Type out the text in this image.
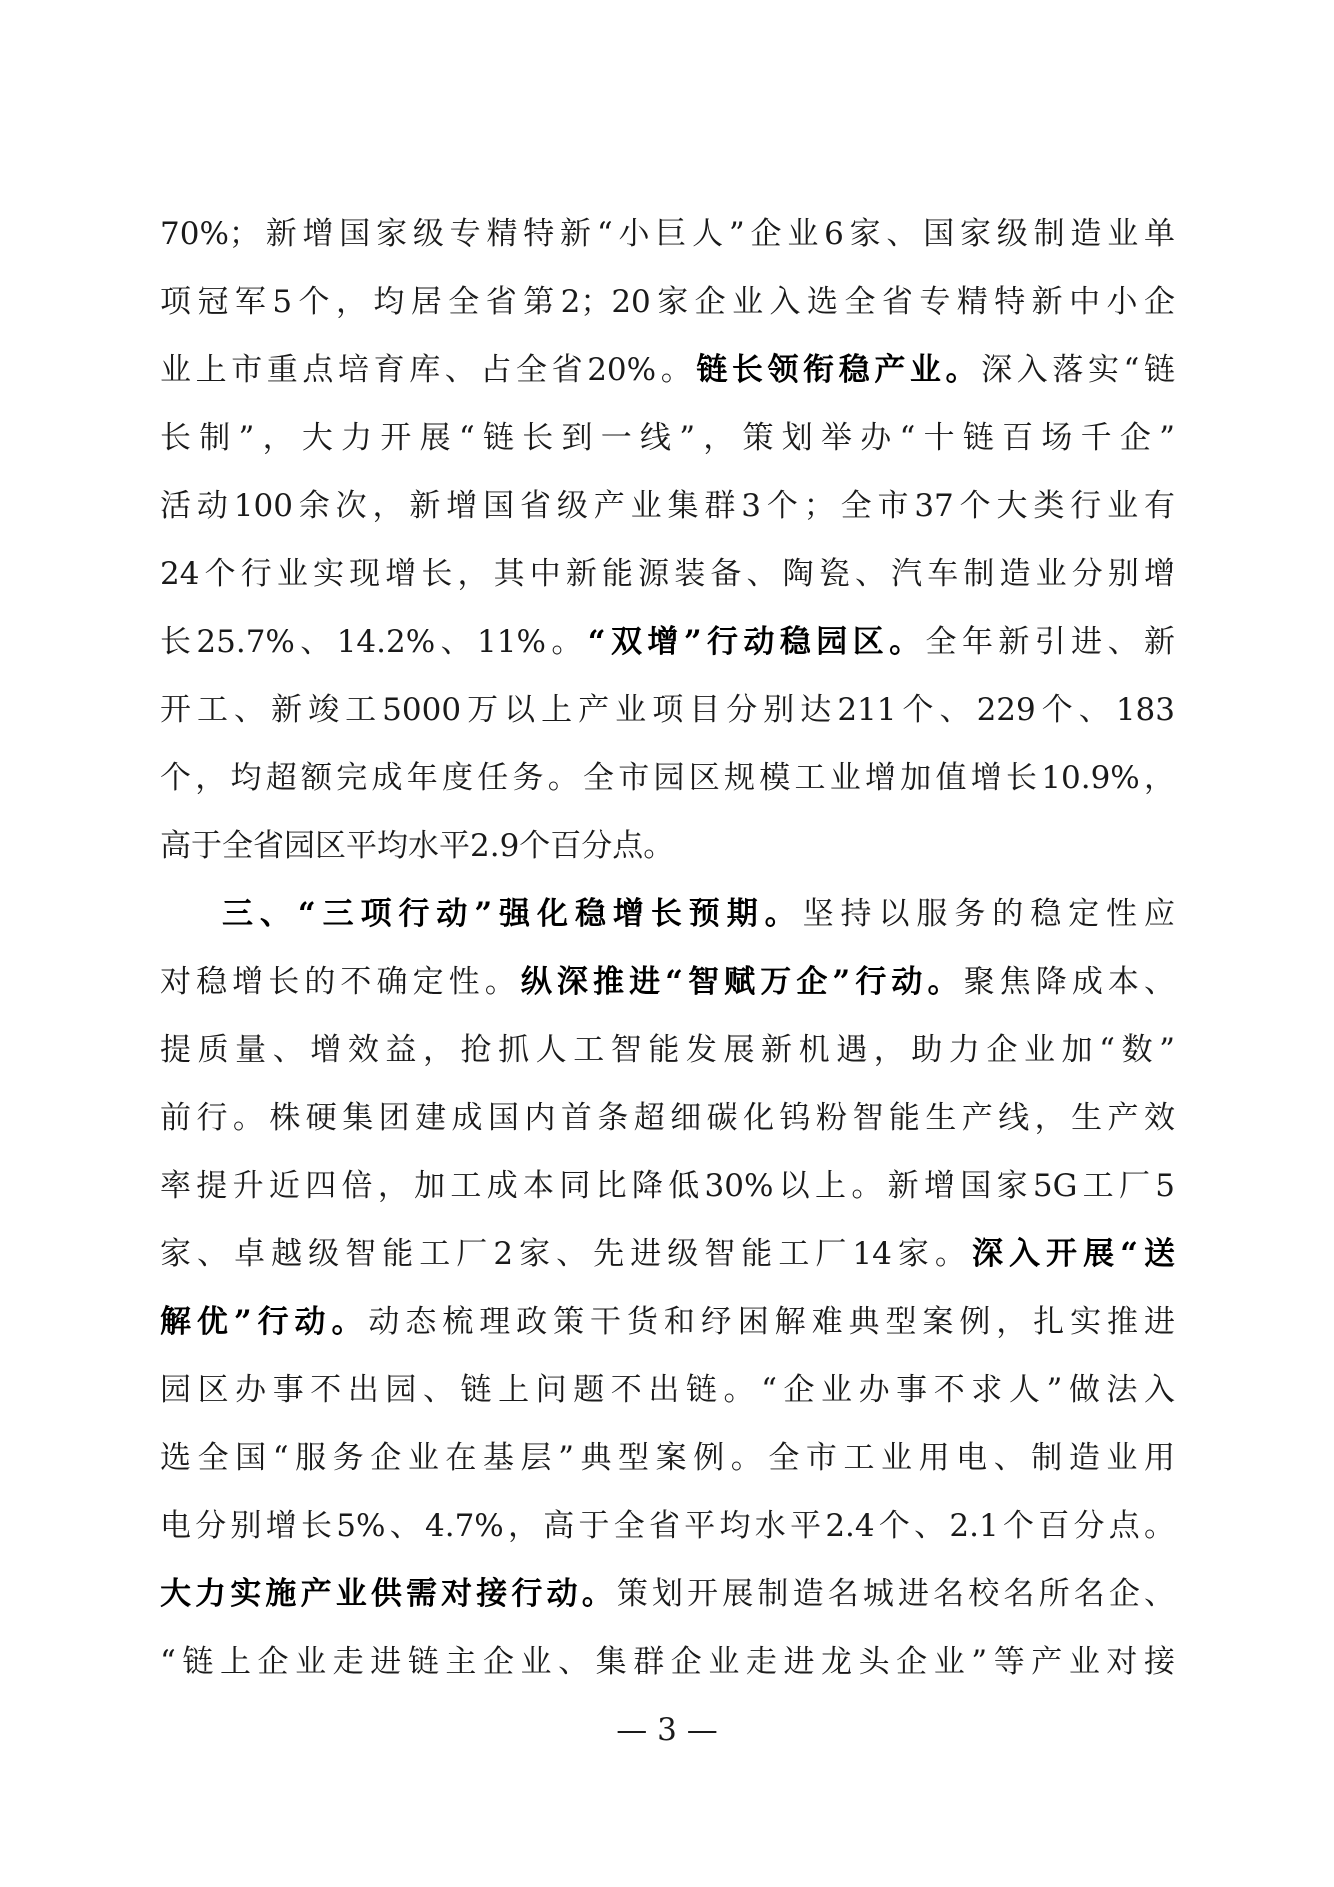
70%；新增国家级专精特新“小巨人”企业6家、国家级制造业单
项冠军5个，均居全省第2；20家企业入选全省专精特新中小企
业上市重点培育库、占全省20%。链长领衔稳产业。深入落实“链
长制”，大力开展“链长到一线”，策划举办“十链百场千企”
活动100余次，新增国省级产业集群3个；全市37个大类行业有
24个行业实现增长，其中新能源装备、陶瓷、汽车制造业分别增
长25.7%、14.2%、11%。“双增”行动稳园区。全年新引进、新
开工、新竣工5000万以上产业项目分别达211个、229个、183
个，均超额完成年度任务。全市园区规模工业增加值增长10.9%，
高于全省园区平均水平2.9个百分点。
三、“三项行动”强化稳增长预期。坚持以服务的稳定性应
对稳增长的不确定性。纵深推进“智赋万企”行动。聚焦降成本、
提质量、增效益，抢抓人工智能发展新机遇，助力企业加“数”
前行。株硬集团建成国内首条超细碳化钨粉智能生产线，生产效
率提升近四倍，加工成本同比降低30%以上。新增国家5G工厂5
家、卓越级智能工厂2家、先进级智能工厂14家。深入开展“送
解优”行动。动态梳理政策干货和纾困解难典型案例，扎实推进
园区办事不出园、链上问题不出链。“企业办事不求人”做法入
选全国“服务企业在基层”典型案例。全市工业用电、制造业用
电分别增长5%、4.7%，高于全省平均水平2.4个、2.1个百分点。
大力实施产业供需对接行动。策划开展制造名城进名校名所名企、
“链上企业走进链主企业、集群企业走进龙头企业”等产业对接
— 3 —
